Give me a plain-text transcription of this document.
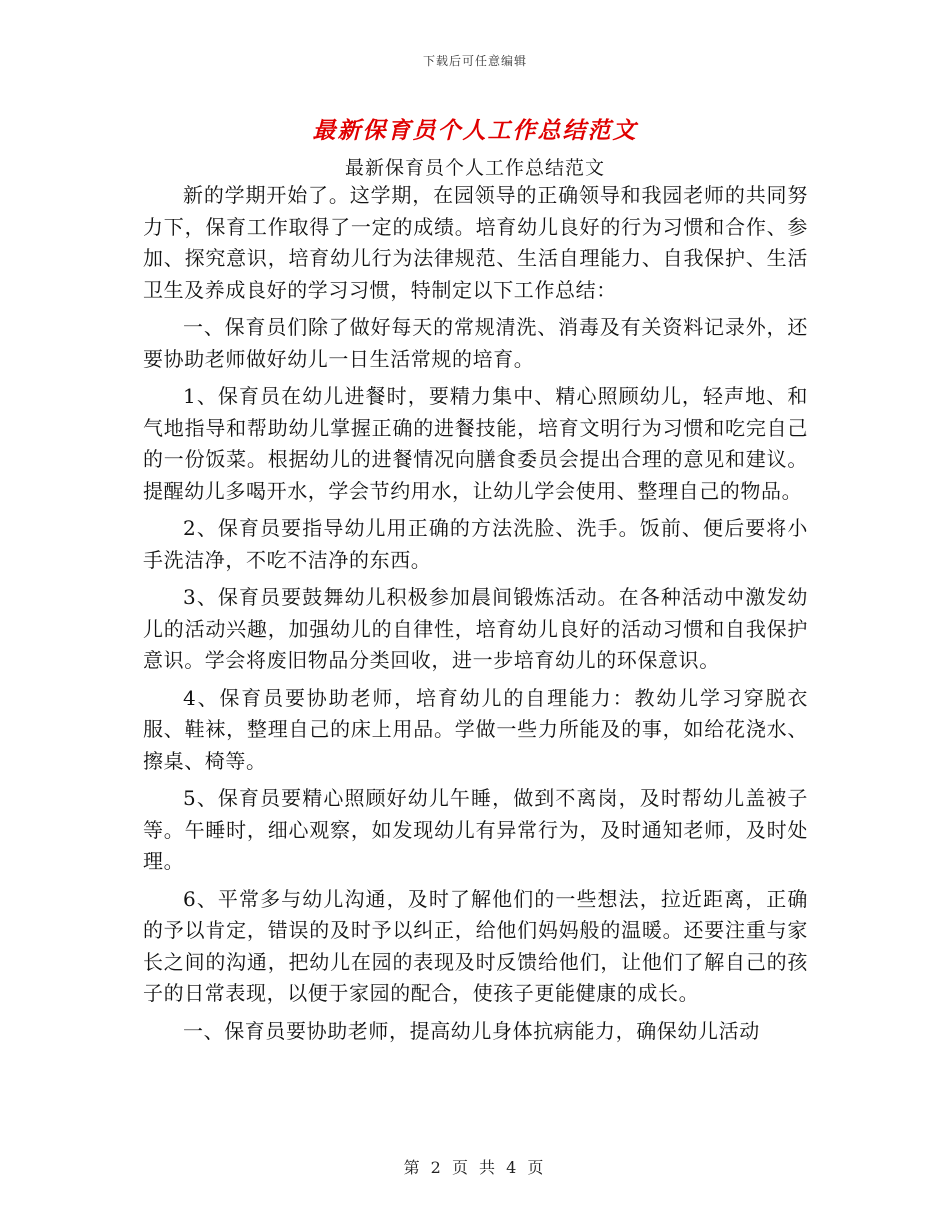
下载后可任意编辑
最新保育员个人工作总结范文
最新保育员个人工作总结范文

新的学期开始了。这学期，在园领导的正确领导和我园老师的共同努力下，保育工作取得了一定的成绩。培育幼儿良好的行为习惯和合作、参加、探究意识，培育幼儿行为法律规范、生活自理能力、自我保护、生活卫生及养成良好的学习习惯，特制定以下工作总结：

一、保育员们除了做好每天的常规清洗、消毒及有关资料记录外，还要协助老师做好幼儿一日生活常规的培育。

1、保育员在幼儿进餐时，要精力集中、精心照顾幼儿，轻声地、和气地指导和帮助幼儿掌握正确的进餐技能，培育文明行为习惯和吃完自己的一份饭菜。根据幼儿的进餐情况向膳食委员会提出合理的意见和建议。提醒幼儿多喝开水，学会节约用水，让幼儿学会使用、整理自己的物品。

2、保育员要指导幼儿用正确的方法洗脸、洗手。饭前、便后要将小手洗洁净，不吃不洁净的东西。

3、保育员要鼓舞幼儿积极参加晨间锻炼活动。在各种活动中激发幼儿的活动兴趣，加强幼儿的自律性，培育幼儿良好的活动习惯和自我保护意识。学会将废旧物品分类回收，进一步培育幼儿的环保意识。

4、保育员要协助老师，培育幼儿的自理能力：教幼儿学习穿脱衣服、鞋袜，整理自己的床上用品。学做一些力所能及的事，如给花浇水、擦桌、椅等。

5、保育员要精心照顾好幼儿午睡，做到不离岗，及时帮幼儿盖被子等。午睡时，细心观察，如发现幼儿有异常行为，及时通知老师，及时处理。

6、平常多与幼儿沟通，及时了解他们的一些想法，拉近距离，正确的予以肯定，错误的及时予以纠正，给他们妈妈般的温暖。还要注重与家长之间的沟通，把幼儿在园的表现及时反馈给他们，让他们了解自己的孩子的日常表现，以便于家园的配合，使孩子更能健康的成长。

一、保育员要协助老师，提高幼儿身体抗病能力，确保幼儿活动

第 2 页 共 4 页
